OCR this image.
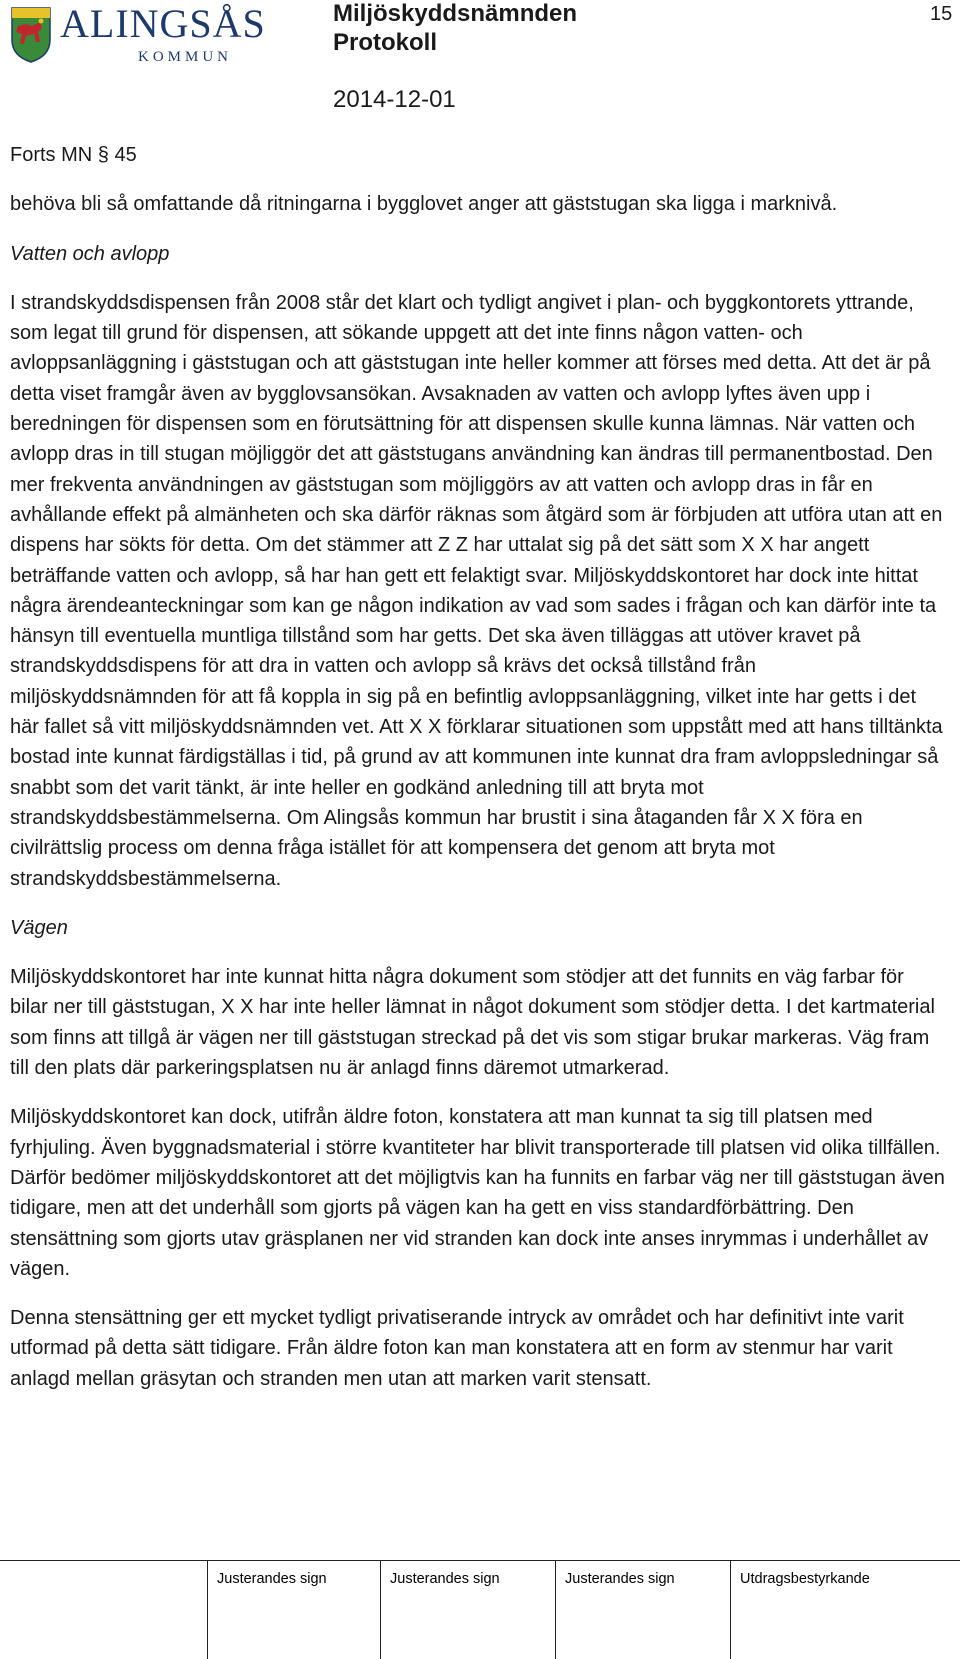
ALINGSÅS
KOMMUN
Miljöskyddsnämnden
Protokoll
2014-12-01
15

Forts MN § 45

behöva bli så omfattande då ritningarna i bygglovet anger att gäststugan ska ligga i marknivå.

Vatten och avlopp

I strandskyddsdispensen från 2008 står det klart och tydligt angivet i plan- och byggkontorets yttrande, som legat till grund för dispensen, att sökande uppgett att det inte finns någon vatten- och avloppsanläggning i gäststugan och att gäststugan inte heller kommer att förses med detta. Att det är på detta viset framgår även av bygglovsansökan. Avsaknaden av vatten och avlopp lyftes även upp i beredningen för dispensen som en förutsättning för att dispensen skulle kunna lämnas. När vatten och avlopp dras in till stugan möjliggör det att gäststugans användning kan ändras till permanentbostad. Den mer frekventa användningen av gäststugan som möjliggörs av att vatten och avlopp dras in får en avhållande effekt på almänheten och ska därför räknas som åtgärd som är förbjuden att utföra utan att en dispens har sökts för detta. Om det stämmer att Z Z har uttalat sig på det sätt som X X har angett beträffande vatten och avlopp, så har han gett ett felaktigt svar. Miljöskyddskontoret har dock inte hittat några ärendeanteckningar som kan ge någon indikation av vad som sades i frågan och kan därför inte ta hänsyn till eventuella muntliga tillstånd som har getts. Det ska även tilläggas att utöver kravet på strandskyddsdispens för att dra in vatten och avlopp så krävs det också tillstånd från miljöskyddsnämnden för att få koppla in sig på en befintlig avloppsanläggning, vilket inte har getts i det här fallet så vitt miljöskyddsnämnden vet. Att X X förklarar situationen som uppstått med att hans tilltänkta bostad inte kunnat färdigställas i tid, på grund av att kommunen inte kunnat dra fram avloppsledningar så snabbt som det varit tänkt, är inte heller en godkänd anledning till att bryta mot strandskyddsbestämmelserna. Om Alingsås kommun har brustit i sina åtaganden får X X föra en civilrättslig process om denna fråga istället för att kompensera det genom att bryta mot strandskyddsbestämmelserna.

Vägen

Miljöskyddskontoret har inte kunnat hitta några dokument som stödjer att det funnits en väg farbar för bilar ner till gäststugan, X X har inte heller lämnat in något dokument som stödjer detta. I det kartmaterial som finns att tillgå är vägen ner till gäststugan streckad på det vis som stigar brukar markeras. Väg fram till den plats där parkeringsplatsen nu är anlagd finns däremot utmarkerad.

Miljöskyddskontoret kan dock, utifrån äldre foton, konstatera att man kunnat ta sig till platsen med fyrhjuling. Även byggnadsmaterial i större kvantiteter har blivit transporterade till platsen vid olika tillfällen. Därför bedömer miljöskyddskontoret att det möjligtvis kan ha funnits en farbar väg ner till gäststugan även tidigare, men att det underhåll som gjorts på vägen kan ha gett en viss standardförbättring. Den stensättning som gjorts utav gräsplanen ner vid stranden kan dock inte anses inrymmas i underhållet av vägen.

Denna stensättning ger ett mycket tydligt privatiserande intryck av området och har definitivt inte varit utformad på detta sätt tidigare. Från äldre foton kan man konstatera att en form av stenmur har varit anlagd mellan gräsytan och stranden men utan att marken varit stensatt.

Justerandes sign	Justerandes sign	Justerandes sign	Utdragsbestyrkande
